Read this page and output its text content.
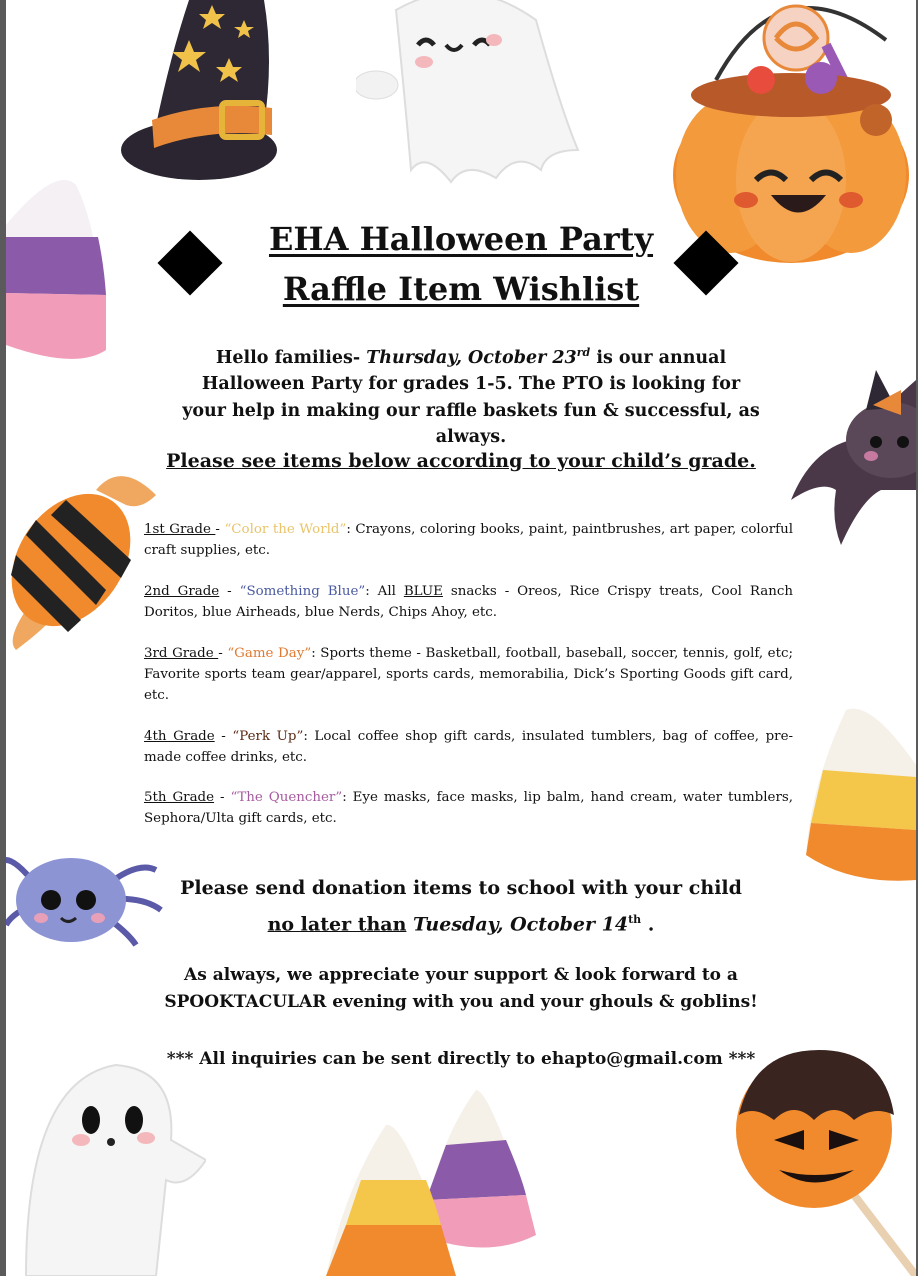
EHA Halloween Party
Raffle Item Wishlist
Hello families- Thursday, October 23rd is our annual
Halloween Party for grades 1-5. The PTO is looking for
your help in making our raffle baskets fun & successful, as always.
Please see items below according to your child’s grade.
1st Grade - “Color the World”: Crayons, coloring books, paint, paintbrushes, art paper, colorful craft supplies, etc.
2nd Grade - “Something Blue”: All BLUE snacks - Oreos, Rice Crispy treats, Cool Ranch Doritos, blue Airheads, blue Nerds, Chips Ahoy, etc.
3rd Grade - “Game Day”: Sports theme - Basketball, football, baseball, soccer, tennis, golf, etc; Favorite sports team gear/apparel, sports cards, memorabilia, Dick’s Sporting Goods gift card, etc.
4th Grade - “Perk Up”: Local coffee shop gift cards, insulated tumblers, bag of coffee, pre-made coffee drinks, etc.
5th Grade - “The Quencher”: Eye masks, face masks, lip balm, hand cream, water tumblers, Sephora/Ulta gift cards, etc.
Please send donation items to school with your child
no later than Tuesday, October 14th .
As always, we appreciate your support & look forward to a
SPOOKTACULAR evening with you and your ghouls & goblins!
*** All inquiries can be sent directly to ehapto@gmail.com ***
